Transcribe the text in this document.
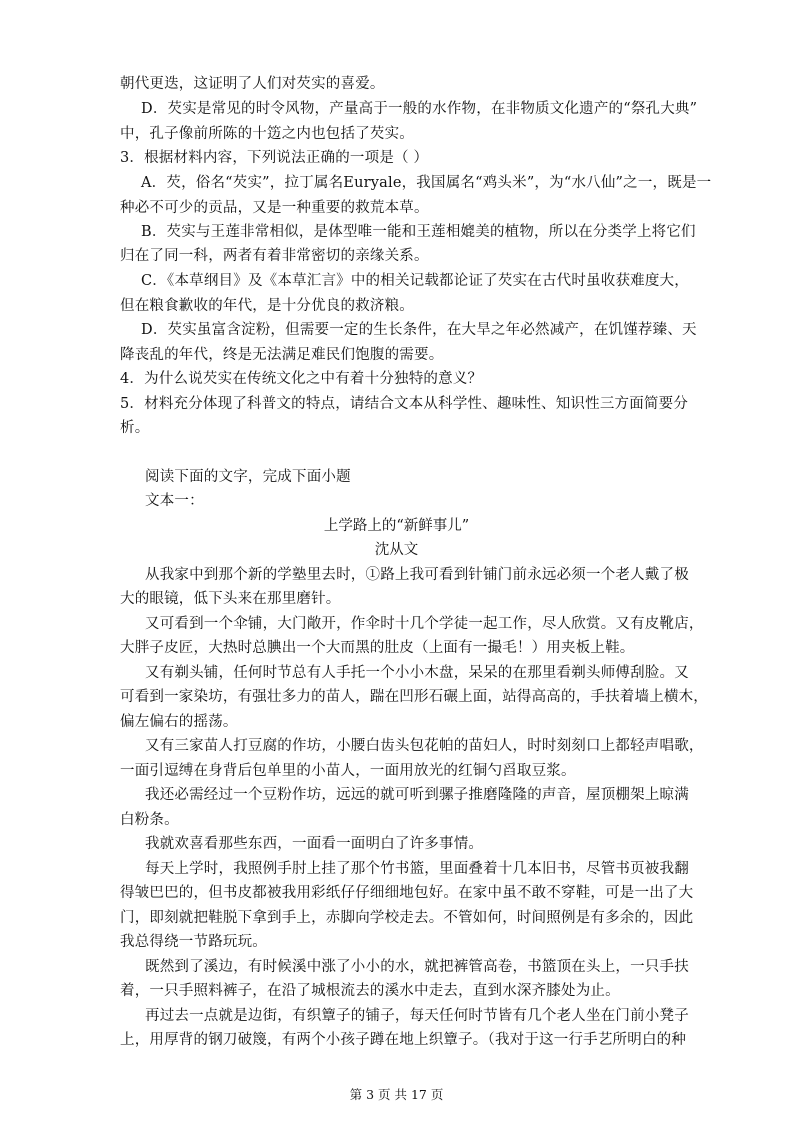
朝代更迭，这证明了人们对芡实的喜爱。
D．芡实是常见的时令风物，产量高于一般的水作物，在非物质文化遗产的“祭孔大典”
中，孔子像前所陈的十笾之内也包括了芡实。
3．根据材料内容，下列说法正确的一项是（ ）
A．芡，俗名“芡实”，拉丁属名Euryale，我国属名“鸡头米”，为“水八仙”之一，既是一
种必不可少的贡品，又是一种重要的救荒本草。
B．芡实与王莲非常相似，是体型唯一能和王莲相媲美的植物，所以在分类学上将它们
归在了同一科，两者有着非常密切的亲缘关系。
C．《本草纲目》及《本草汇言》中的相关记载都论证了芡实在古代时虽收获难度大，
但在粮食歉收的年代，是十分优良的救济粮。
D．芡实虽富含淀粉，但需要一定的生长条件，在大旱之年必然减产，在饥馑荐臻、天
降丧乱的年代，终是无法满足难民们饱腹的需要。
4．为什么说芡实在传统文化之中有着十分独特的意义？
5．材料充分体现了科普文的特点，请结合文本从科学性、趣味性、知识性三方面简要分
析。
阅读下面的文字，完成下面小题
文本一：
上学路上的“新鲜事儿”
沈从文
从我家中到那个新的学塾里去时，①路上我可看到针铺门前永远必须一个老人戴了极
大的眼镜，低下头来在那里磨针。
又可看到一个伞铺，大门敞开，作伞时十几个学徒一起工作，尽人欣赏。又有皮靴店，
大胖子皮匠，大热时总腆出一个大而黑的肚皮（上面有一撮毛！）用夹板上鞋。
又有剃头铺，任何时节总有人手托一个小小木盘，呆呆的在那里看剃头师傅刮脸。又
可看到一家染坊，有强壮多力的苗人，踹在凹形石碾上面，站得高高的，手扶着墙上横木，
偏左偏右的摇荡。
又有三家苗人打豆腐的作坊，小腰白齿头包花帕的苗妇人，时时刻刻口上都轻声唱歌，
一面引逗缚在身背后包单里的小苗人，一面用放光的红铜勺舀取豆浆。
我还必需经过一个豆粉作坊，远远的就可听到骡子推磨隆隆的声音，屋顶棚架上晾满
白粉条。
我就欢喜看那些东西，一面看一面明白了许多事情。
每天上学时，我照例手肘上挂了那个竹书篮，里面叠着十几本旧书，尽管书页被我翻
得皱巴巴的，但书皮都被我用彩纸仔仔细细地包好。在家中虽不敢不穿鞋，可是一出了大
门，即刻就把鞋脱下拿到手上，赤脚向学校走去。不管如何，时间照例是有多余的，因此
我总得绕一节路玩玩。
既然到了溪边，有时候溪中涨了小小的水，就把裤管高卷，书篮顶在头上，一只手扶
着，一只手照料裤子，在沿了城根流去的溪水中走去，直到水深齐膝处为止。
再过去一点就是边街，有织簟子的铺子，每天任何时节皆有几个老人坐在门前小凳子
上，用厚背的钢刀破篾，有两个小孩子蹲在地上织簟子。（我对于这一行手艺所明白的种
第 3 页 共 17 页
